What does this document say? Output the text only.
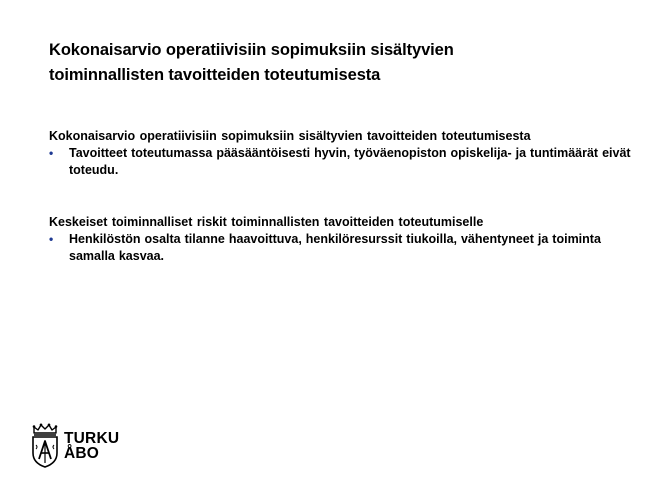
Kokonaisarvio operatiivisiin sopimuksiin sisältyvien
toiminnallisten tavoitteiden toteutumisesta

Kokonaisarvio operatiivisiin sopimuksiin sisältyvien tavoitteiden toteutumisesta

• Tavoitteet toteutumassa pääsääntöisesti hyvin, työväenopiston opiskelija- ja tuntimäärät eivät toteudu.

Keskeiset toiminnalliset riskit toiminnallisten tavoitteiden toteutumiselle

• Henkilöstön osalta tilanne haavoittuva, henkilöresurssit tiukoilla, vähentyneet ja toiminta samalla kasvaa.
TURKU
ÅBO
